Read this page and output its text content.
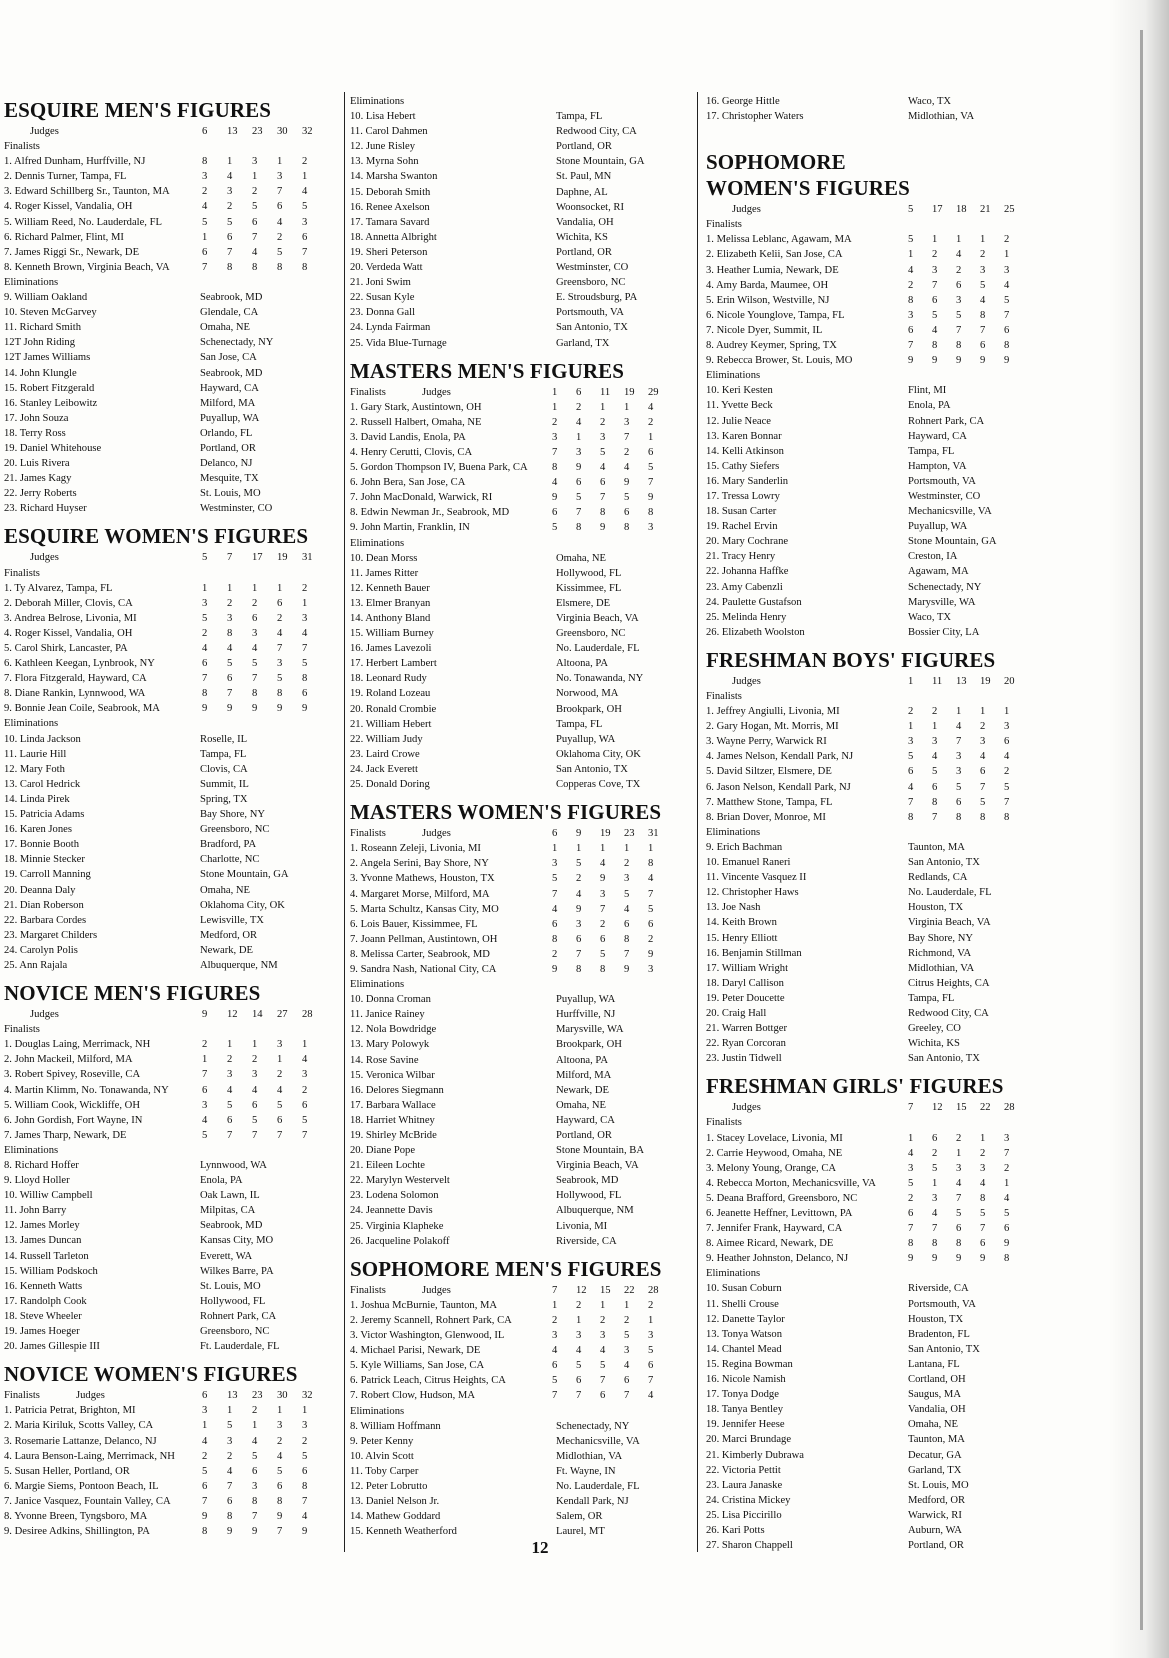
ESQUIRE MEN'S FIGURES
Judges	6	13	23	30	32
Finalists
1. Alfred Dunham, Hurffville, NJ	8	1	3	1	2
2. Dennis Turner, Tampa, FL	3	4	1	3	1
3. Edward Schillberg Sr., Taunton, MA	2	3	2	7	4
4. Roger Kissel, Vandalia, OH	4	2	5	6	5
5. William Reed, No. Lauderdale, FL	5	5	6	4	3
6. Richard Palmer, Flint, MI	1	6	7	2	6
7. James Riggi Sr., Newark, DE	6	7	4	5	7
8. Kenneth Brown, Virginia Beach, VA	7	8	8	8	8
Eliminations
9. William Oakland	Seabrook, MD
10. Steven McGarvey	Glendale, CA
11. Richard Smith	Omaha, NE
12T John Riding	Schenectady, NY
12T James Williams	San Jose, CA
14. John Klungle	Seabrook, MD
15. Robert Fitzgerald	Hayward, CA
16. Stanley Leibowitz	Milford, MA
17. John Souza	Puyallup, WA
18. Terry Ross	Orlando, FL
19. Daniel Whitehouse	Portland, OR
20. Luis Rivera	Delanco, NJ
21. James Kagy	Mesquite, TX
22. Jerry Roberts	St. Louis, MO
23. Richard Huyser	Westminster, CO
ESQUIRE WOMEN'S FIGURES
Judges	5	7	17	19	31
Finalists
1. Ty Alvarez, Tampa, FL	1	1	1	1	2
2. Deborah Miller, Clovis, CA	3	2	2	6	1
3. Andrea Belrose, Livonia, MI	5	3	6	2	3
4. Roger Kissel, Vandalia, OH	2	8	3	4	4
5. Carol Shirk, Lancaster, PA	4	4	4	7	7
6. Kathleen Keegan, Lynbrook, NY	6	5	5	3	5
7. Flora Fitzgerald, Hayward, CA	7	6	7	5	8
8. Diane Rankin, Lynnwood, WA	8	7	8	8	6
9. Bonnie Jean Coile, Seabrook, MA	9	9	9	9	9
Eliminations
10. Linda Jackson	Roselle, IL
11. Laurie Hill	Tampa, FL
12. Mary Foth	Clovis, CA
13. Carol Hedrick	Summit, IL
14. Linda Pirek	Spring, TX
15. Patricia Adams	Bay Shore, NY
16. Karen Jones	Greensboro, NC
17. Bonnie Booth	Bradford, PA
18. Minnie Stecker	Charlotte, NC
19. Carroll Manning	Stone Mountain, GA
20. Deanna Daly	Omaha, NE
21. Dian Roberson	Oklahoma City, OK
22. Barbara Cordes	Lewisville, TX
23. Margaret Childers	Medford, OR
24. Carolyn Polis	Newark, DE
25. Ann Rajala	Albuquerque, NM
NOVICE MEN'S FIGURES
Judges	9	12	14	27	28
Finalists
1. Douglas Laing, Merrimack, NH	2	1	1	3	1
2. John Mackeil, Milford, MA	1	2	2	1	4
3. Robert Spivey, Roseville, CA	7	3	3	2	3
4. Martin Klimm, No. Tonawanda, NY	6	4	4	4	2
5. William Cook, Wickliffe, OH	3	5	6	5	6
6. John Gordish, Fort Wayne, IN	4	6	5	6	5
7. James Tharp, Newark, DE	5	7	7	7	7
Eliminations
8. Richard Hoffer	Lynnwood, WA
9. Lloyd Holler	Enola, PA
10. Williw Campbell	Oak Lawn, IL
11. John Barry	Milpitas, CA
12. James Morley	Seabrook, MD
13. James Duncan	Kansas City, MO
14. Russell Tarleton	Everett, WA
15. William Podskoch	Wilkes Barre, PA
16. Kenneth Watts	St. Louis, MO
17. Randolph Cook	Hollywood, FL
18. Steve Wheeler	Rohnert Park, CA
19. James Hoeger	Greensboro, NC
20. James Gillespie III	Ft. Lauderdale, FL
NOVICE WOMEN'S FIGURES
Finalists	Judges	6	13	23	30	32
1. Patricia Petrat, Brighton, MI	3	1	2	1	1
2. Maria Kiriluk, Scotts Valley, CA	1	5	1	3	3
3. Rosemarie Lattanze, Delanco, NJ	4	3	4	2	2
4. Laura Benson-Laing, Merrimack, NH	2	2	5	4	5
5. Susan Heller, Portland, OR	5	4	6	5	6
6. Margie Siems, Pontoon Beach, IL	6	7	3	6	8
7. Janice Vasquez, Fountain Valley, CA	7	6	8	8	7
8. Yvonne Breen, Tyngsboro, MA	9	8	7	9	4
9. Desiree Adkins, Shillington, PA	8	9	9	7	9
Eliminations
10. Lisa Hebert	Tampa, FL
11. Carol Dahmen	Redwood City, CA
12. June Risley	Portland, OR
13. Myrna Sohn	Stone Mountain, GA
14. Marsha Swanton	St. Paul, MN
15. Deborah Smith	Daphne, AL
16. Renee Axelson	Woonsocket, RI
17. Tamara Savard	Vandalia, OH
18. Annetta Albright	Wichita, KS
19. Sheri Peterson	Portland, OR
20. Verdeda Watt	Westminster, CO
21. Joni Swim	Greensboro, NC
22. Susan Kyle	E. Stroudsburg, PA
23. Donna Gall	Portsmouth, VA
24. Lynda Fairman	San Antonio, TX
25. Vida Blue-Turnage	Garland, TX
MASTERS MEN'S FIGURES
Finalists	Judges	1	6	11	19	29
1. Gary Stark, Austintown, OH	1	2	1	1	4
2. Russell Halbert, Omaha, NE	2	4	2	3	2
3. David Landis, Enola, PA	3	1	3	7	1
4. Henry Cerutti, Clovis, CA	7	3	5	2	6
5. Gordon Thompson IV, Buena Park, CA 8	9	4	4	5
6. John Bera, San Jose, CA	4	6	6	9	7
7. John MacDonald, Warwick, RI	9	5	7	5	9
8. Edwin Newman Jr., Seabrook, MD	6	7	8	6	8
9. John Martin, Franklin, IN	5	8	9	8	3
Eliminations
10. Dean Morss	Omaha, NE
11. James Ritter	Hollywood, FL
12. Kenneth Bauer	Kissimmee, FL
13. Elmer Branyan	Elsmere, DE
14. Anthony Bland	Virginia Beach, VA
15. William Burney	Greensboro, NC
16. James Lavezoli	No. Lauderdale, FL
17. Herbert Lambert	Altoona, PA
18. Leonard Rudy	No. Tonawanda, NY
19. Roland Lozeau	Norwood, MA
20. Ronald Crombie	Brookpark, OH
21. William Hebert	Tampa, FL
22. William Judy	Puyallup, WA
23. Laird Crowe	Oklahoma City, OK
24. Jack Everett	San Antonio, TX
25. Donald Doring	Copperas Cove, TX
MASTERS WOMEN'S FIGURES
Finalists	Judges	6	9	19	23	31
1. Roseann Zeleji, Livonia, MI	1	1	1	1	1
2. Angela Serini, Bay Shore, NY	3	5	4	2	8
3. Yvonne Mathews, Houston, TX	5	2	9	3	4
4. Margaret Morse, Milford, MA	7	4	3	5	7
5. Marta Schultz, Kansas City, MO	4	9	7	4	5
6. Lois Bauer, Kissimmee, FL	6	3	2	6	6
7. Joann Pellman, Austintown, OH	8	6	6	8	2
8. Melissa Carter, Seabrook, MD	2	7	5	7	9
9. Sandra Nash, National City, CA	9	8	8	9	3
Eliminations
10. Donna Croman	Puyallup, WA
11. Janice Rainey	Hurffville, NJ
12. Nola Bowdridge	Marysville, WA
13. Mary Polowyk	Brookpark, OH
14. Rose Savine	Altoona, PA
15. Veronica Wilbar	Milford, MA
16. Delores Siegmann	Newark, DE
17. Barbara Wallace	Omaha, NE
18. Harriet Whitney	Hayward, CA
19. Shirley McBride	Portland, OR
20. Diane Pope	Stone Mountain, BA
21. Eileen Lochte	Virginia Beach, VA
22. Marylyn Westervelt	Seabrook, MD
23. Lodena Solomon	Hollywood, FL
24. Jeannette Davis	Albuquerque, NM
25. Virginia Klapheke	Livonia, MI
26. Jacqueline Polakoff	Riverside, CA
SOPHOMORE MEN'S FIGURES
Finalists	Judges	7	12	15	22	28
1. Joshua McBurnie, Taunton, MA	1	2	1	1	2
2. Jeremy Scannell, Rohnert Park, CA	2	1	2	2	1
3. Victor Washington, Glenwood, IL	3	3	3	5	3
4. Michael Parisi, Newark, DE	4	4	4	3	5
5. Kyle Williams, San Jose, CA	6	5	5	4	6
6. Patrick Leach, Citrus Heights, CA	5	6	7	6	7
7. Robert Clow, Hudson, MA	7	7	6	7	4
Eliminations
8. William Hoffmann	Schenectady, NY
9. Peter Kenny	Mechanicsville, VA
10. Alvin Scott	Midlothian, VA
11. Toby Carper	Ft. Wayne, IN
12. Peter Lobrutto	No. Lauderdale, FL
13. Daniel Nelson Jr.	Kendall Park, NJ
14. Mathew Goddard	Salem, OR
15. Kenneth Weatherford	Laurel, MT
16. George Hittle	Waco, TX
17. Christopher Waters	Midlothian, VA
SOPHOMORE
WOMEN'S FIGURES
Judges	5	17	18	21	25
Finalists
1. Melissa Leblanc, Agawam, MA	5	1	1	1	2
2. Elizabeth Kelii, San Jose, CA	1	2	4	2	1
3. Heather Lumia, Newark, DE	4	3	2	3	3
4. Amy Barda, Maumee, OH	2	7	6	5	4
5. Erin Wilson, Westville, NJ	8	6	3	4	5
6. Nicole Younglove, Tampa, FL	3	5	5	8	7
7. Nicole Dyer, Summit, IL	6	4	7	7	6
8. Audrey Keymer, Spring, TX	7	8	8	6	8
9. Rebecca Brower, St. Louis, MO	9	9	9	9	9
Eliminations
10. Keri Kesten	Flint, MI
11. Yvette Beck	Enola, PA
12. Julie Neace	Rohnert Park, CA
13. Karen Bonnar	Hayward, CA
14. Kelli Atkinson	Tampa, FL
15. Cathy Siefers	Hampton, VA
16. Mary Sanderlin	Portsmouth, VA
17. Tressa Lowry	Westminster, CO
18. Susan Carter	Mechanicsville, VA
19. Rachel Ervin	Puyallup, WA
20. Mary Cochrane	Stone Mountain, GA
21. Tracy Henry	Creston, IA
22. Johanna Haffke	Agawam, MA
23. Amy Cabenzli	Schenectady, NY
24. Paulette Gustafson	Marysville, WA
25. Melinda Henry	Waco, TX
26. Elizabeth Woolston	Bossier City, LA
FRESHMAN BOYS' FIGURES
Judges	1	11	13	19	20
Finalists
1. Jeffrey Angiulli, Livonia, MI	2	2	1	1	1
2. Gary Hogan, Mt. Morris, MI	1	1	4	2	3
3. Wayne Perry, Warwick RI	3	3	7	3	6
4. James Nelson, Kendall Park, NJ	5	4	3	4	4
5. David Siltzer, Elsmere, DE	6	5	3	6	2
6. Jason Nelson, Kendall Park, NJ	4	6	5	7	5
7. Matthew Stone, Tampa, FL	7	8	6	5	7
8. Brian Dover, Monroe, MI	8	7	8	8	8
Eliminations
9. Erich Bachman	Taunton, MA
10. Emanuel Raneri	San Antonio, TX
11. Vincente Vasquez II	Redlands, CA
12. Christopher Haws	No. Lauderdale, FL
13. Joe Nash	Houston, TX
14. Keith Brown	Virginia Beach, VA
15. Henry Elliott	Bay Shore, NY
16. Benjamin Stillman	Richmond, VA
17. William Wright	Midlothian, VA
18. Daryl Callison	Citrus Heights, CA
19. Peter Doucette	Tampa, FL
20. Craig Hall	Redwood City, CA
21. Warren Bottger	Greeley, CO
22. Ryan Corcoran	Wichita, KS
23. Justin Tidwell	San Antonio, TX
FRESHMAN GIRLS' FIGURES
Judges	7	12	15	22	28
Finalists
1. Stacey Lovelace, Livonia, MI	1	6	2	1	3
2. Carrie Heywood, Omaha, NE	4	2	1	2	7
3. Melony Young, Orange, CA	3	5	3	3	2
4. Rebecca Morton, Mechanicsville, VA	5	1	4	4	1
5. Deana Brafford, Greensboro, NC	2	3	7	8	4
6. Jeanette Heffner, Levittown, PA	6	4	5	5	5
7. Jennifer Frank, Hayward, CA	7	7	6	7	6
8. Aimee Ricard, Newark, DE	8	8	8	6	9
9. Heather Johnston, Delanco, NJ	9	9	9	9	8
Eliminations
10. Susan Coburn	Riverside, CA
11. Shelli Crouse	Portsmouth, VA
12. Danette Taylor	Houston, TX
13. Tonya Watson	Bradenton, FL
14. Chantel Mead	San Antonio, TX
15. Regina Bowman	Lantana, FL
16. Nicole Namish	Cortland, OH
17. Tonya Dodge	Saugus, MA
18. Tanya Bentley	Vandalia, OH
19. Jennifer Heese	Omaha, NE
20. Marci Brundage	Taunton, MA
21. Kimberly Dubrawa	Decatur, GA
22. Victoria Pettit	Garland, TX
23. Laura Janaske	St. Louis, MO
24. Cristina Mickey	Medford, OR
25. Lisa Piccirillo	Warwick, RI
26. Kari Potts	Auburn, WA
27. Sharon Chappell	Portland, OR
12
